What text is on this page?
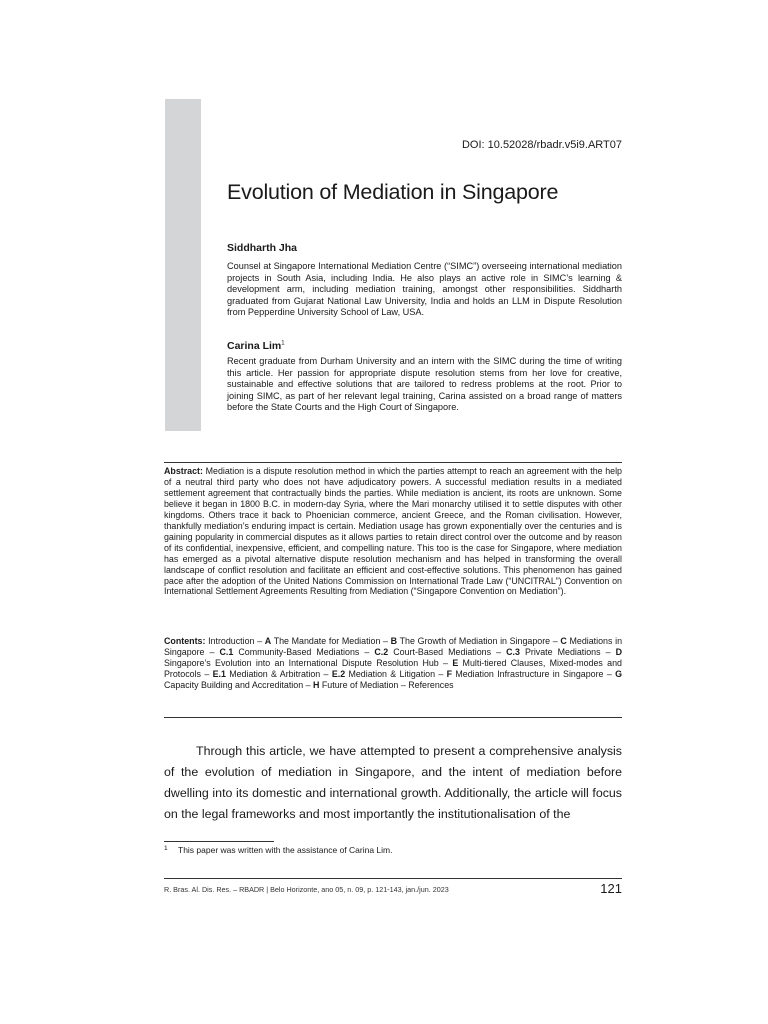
DOI: 10.52028/rbadr.v5i9.ART07
Evolution of Mediation in Singapore
Siddharth Jha
Counsel at Singapore International Mediation Centre (“SIMC”) overseeing international mediation projects in South Asia, including India. He also plays an active role in SIMC’s learning & development arm, including mediation training, amongst other responsibilities. Siddharth graduated from Gujarat National Law University, India and holds an LLM in Dispute Resolution from Pepperdine University School of Law, USA.
Carina Lim$^1$
Recent graduate from Durham University and an intern with the SIMC during the time of writing this article. Her passion for appropriate dispute resolution stems from her love for creative, sustainable and effective solutions that are tailored to redress problems at the root. Prior to joining SIMC, as part of her relevant legal training, Carina assisted on a broad range of matters before the State Courts and the High Court of Singapore.
Abstract: Mediation is a dispute resolution method in which the parties attempt to reach an agreement with the help of a neutral third party who does not have adjudicatory powers. A successful mediation results in a mediated settlement agreement that contractually binds the parties. While mediation is ancient, its roots are unknown. Some believe it began in 1800 B.C. in modern-day Syria, where the Mari monarchy utilised it to settle disputes with other kingdoms. Others trace it back to Phoenician commerce, ancient Greece, and the Roman civilisation. However, thankfully mediation’s enduring impact is certain. Mediation usage has grown exponentially over the centuries and is gaining popularity in commercial disputes as it allows parties to retain direct control over the outcome and by reason of its confidential, inexpensive, efficient, and compelling nature. This too is the case for Singapore, where mediation has emerged as a pivotal alternative dispute resolution mechanism and has helped in transforming the overall landscape of conflict resolution and facilitate an efficient and cost-effective solutions. This phenomenon has gained pace after the adoption of the United Nations Commission on International Trade Law (“UNCITRAL”) Convention on International Settlement Agreements Resulting from Mediation (“Singapore Convention on Mediation”).
Contents: Introduction – A The Mandate for Mediation – B The Growth of Mediation in Singapore – C Mediations in Singapore – C.1 Community-Based Mediations – C.2 Court-Based Mediations – C.3 Private Mediations – D Singapore’s Evolution into an International Dispute Resolution Hub – E Multi-tiered Clauses, Mixed-modes and Protocols – E.1 Mediation & Arbitration – E.2 Mediation & Litigation – F Mediation Infrastructure in Singapore – G Capacity Building and Accreditation – H Future of Mediation – References

Through this article, we have attempted to present a comprehensive analysis of the evolution of mediation in Singapore, and the intent of mediation before dwelling into its domestic and international growth. Additionally, the article will focus on the legal frameworks and most importantly the institutionalisation of the

1 This paper was written with the assistance of Carina Lim.
R. Bras. Al. Dis. Res. – RBADR | Belo Horizonte, ano 05, n. 09, p. 121-143, jan./jun. 2023	121
